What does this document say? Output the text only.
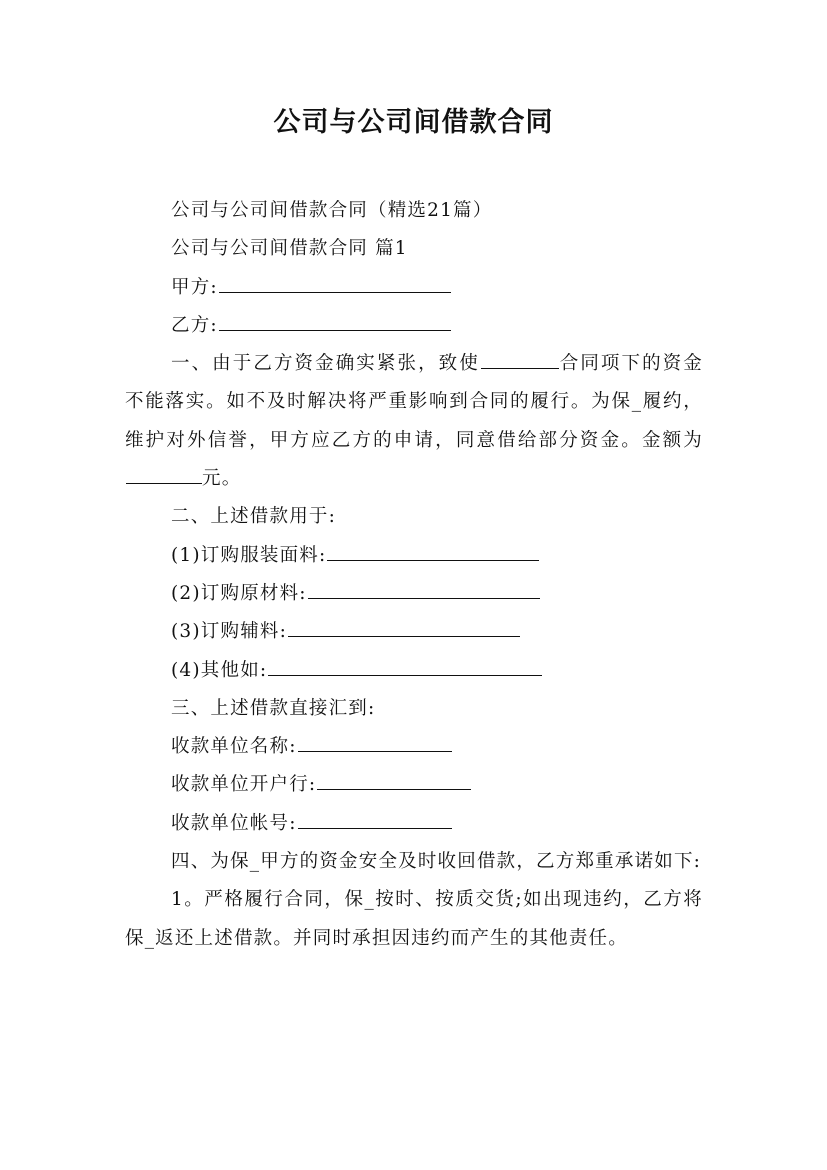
公司与公司间借款合同

公司与公司间借款合同（精选21篇）

公司与公司间借款合同 篇1

甲方:

乙方:

一、由于乙方资金确实紧张，致使	合同项下的资金不能落实。如不及时解决将严重影响到合同的履行。为保_履约，维护对外信誉，甲方应乙方的申请，同意借给部分资金。金额为元。

二、上述借款用于:

(1)订购服装面料:

(2)订购原材料:

(3)订购辅料:

(4)其他如:

三、上述借款直接汇到:

收款单位名称:

收款单位开户行:

收款单位帐号:

四、为保_甲方的资金安全及时收回借款，乙方郑重承诺如下:

1。严格履行合同，保_按时、按质交货;如出现违约，乙方将保_返还上述借款。并同时承担因违约而产生的其他责任。
